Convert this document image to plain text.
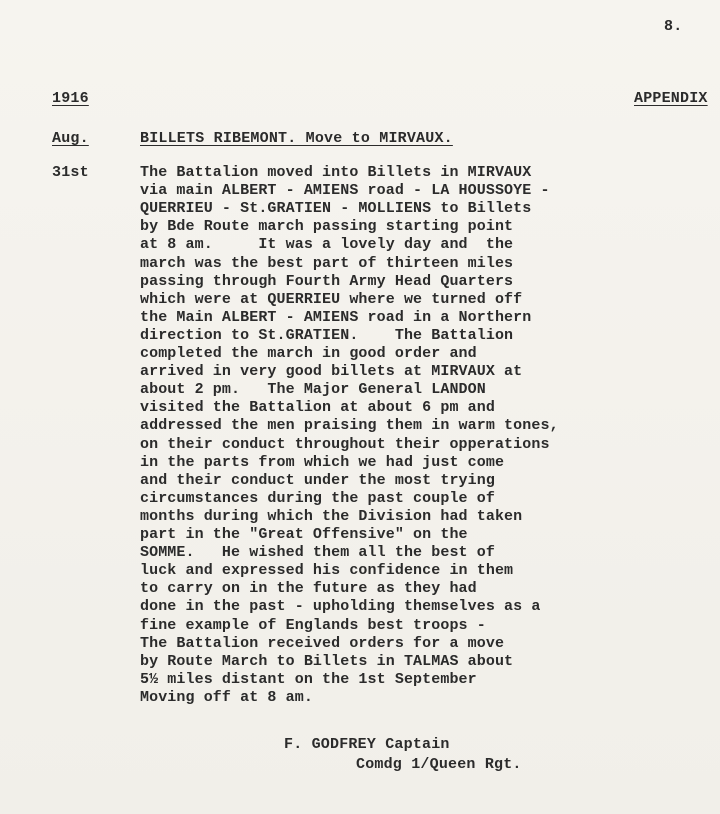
8.
1916	APPENDIX
Aug.	BILLETS RIBEMONT. Move to MIRVAUX.
31st	The Battalion moved into Billets in MIRVAUX
via main ALBERT - AMIENS road - LA HOUSSOYE -
QUERRIEU - St.GRATIEN - MOLLIENS to Billets
by Bde Route march passing starting point
at 8 am.     It was a lovely day and  the
march was the best part of thirteen miles
passing through Fourth Army Head Quarters
which were at QUERRIEU where we turned off
the Main ALBERT - AMIENS road in a Northern
direction to St.GRATIEN.    The Battalion
completed the march in good order and
arrived in very good billets at MIRVAUX at
about 2 pm.   The Major General LANDON
visited the Battalion at about 6 pm and
addressed the men praising them in warm tones,
on their conduct throughout their opperations
in the parts from which we had just come
and their conduct under the most trying
circumstances during the past couple of
months during which the Division had taken
part in the "Great Offensive" on the
SOMME.   He wished them all the best of
luck and expressed his confidence in them
to carry on in the future as they had
done in the past - upholding themselves as a
fine example of Englands best troops -
The Battalion received orders for a move
by Route March to Billets in TALMAS about
5½ miles distant on the 1st September
Moving off at 8 am.
F. GODFREY Captain
Comdg 1/Queen Rgt.
